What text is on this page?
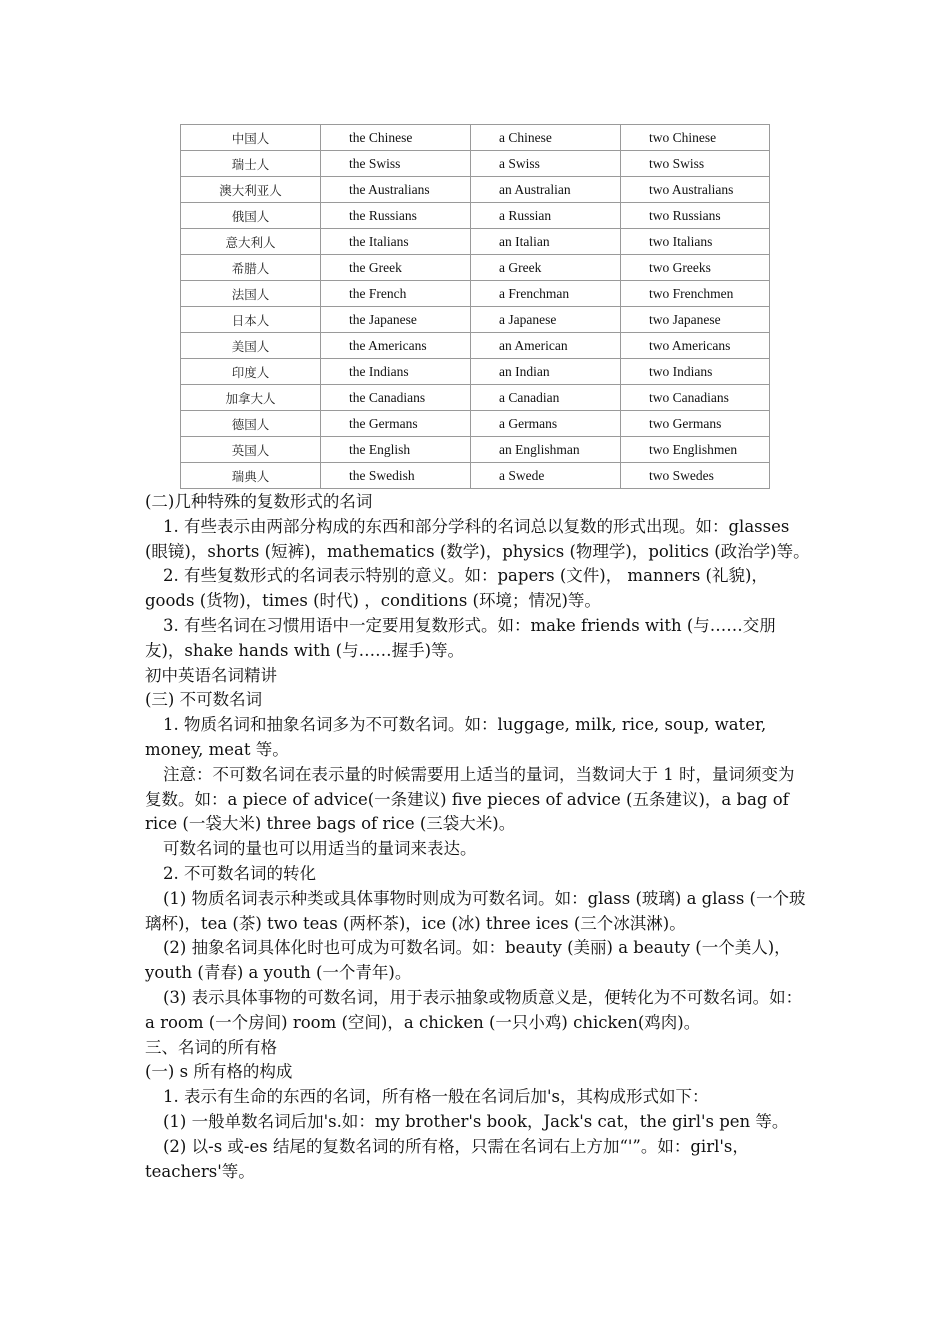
中国人	the Chinese	a Chinese	two Chinese
瑞士人	the Swiss	a Swiss	two Swiss
澳大利亚人	the Australians	an Australian	two Australians
俄国人	the Russians	a Russian	two Russians
意大利人	the Italians	an Italian	two Italians
希腊人	the Greek	a Greek	two Greeks
法国人	the French	a Frenchman	two Frenchmen
日本人	the Japanese	a Japanese	two Japanese
美国人	the Americans	an American	two Americans
印度人	the Indians	an Indian	two Indians
加拿大人	the Canadians	a Canadian	two Canadians
德国人	the Germans	a Germans	two Germans
英国人	the English	an Englishman	two Englishmen
瑞典人	the Swedish	a Swede	two Swedes

(二)几种特殊的复数形式的名词

1. 有些表示由两部分构成的东西和部分学科的名词总以复数的形式出现。如：glasses (眼镜)，shorts (短裤)，mathematics (数学)，physics (物理学)，politics (政治学)等。

2. 有些复数形式的名词表示特别的意义。如：papers (文件)， manners (礼貌)，goods (货物)，times (时代) ，conditions (环境；情况)等。

3. 有些名词在习惯用语中一定要用复数形式。如：make friends with (与……交朋友)，shake hands with (与……握手)等。

初中英语名词精讲

(三) 不可数名词

1. 物质名词和抽象名词多为不可数名词。如：luggage, milk, rice, soup, water, money, meat 等。

注意：不可数名词在表示量的时候需要用上适当的量词，当数词大于 1 时，量词须变为复数。如：a piece of advice(一条建议) five pieces of advice (五条建议)，a bag of rice (一袋大米) three bags of rice (三袋大米)。

可数名词的量也可以用适当的量词来表达。

2. 不可数名词的转化

(1) 物质名词表示种类或具体事物时则成为可数名词。如：glass (玻璃) a glass (一个玻璃杯)，tea (茶) two teas (两杯茶)，ice (冰) three ices (三个冰淇淋)。

(2) 抽象名词具体化时也可成为可数名词。如：beauty (美丽) a beauty (一个美人)，youth (青春) a youth (一个青年)。

(3) 表示具体事物的可数名词，用于表示抽象或物质意义是，便转化为不可数名词。如：a room (一个房间) room (空间)，a chicken (一只小鸡) chicken(鸡肉)。

三、名词的所有格

(一) s 所有格的构成

1. 表示有生命的东西的名词，所有格一般在名词后加's，其构成形式如下：

(1) 一般单数名词后加's.如：my brother's book，Jack's cat，the girl's pen 等。

(2) 以-s 或-es 结尾的复数名词的所有格，只需在名词右上方加“'”。如：girl's，teachers'等。
